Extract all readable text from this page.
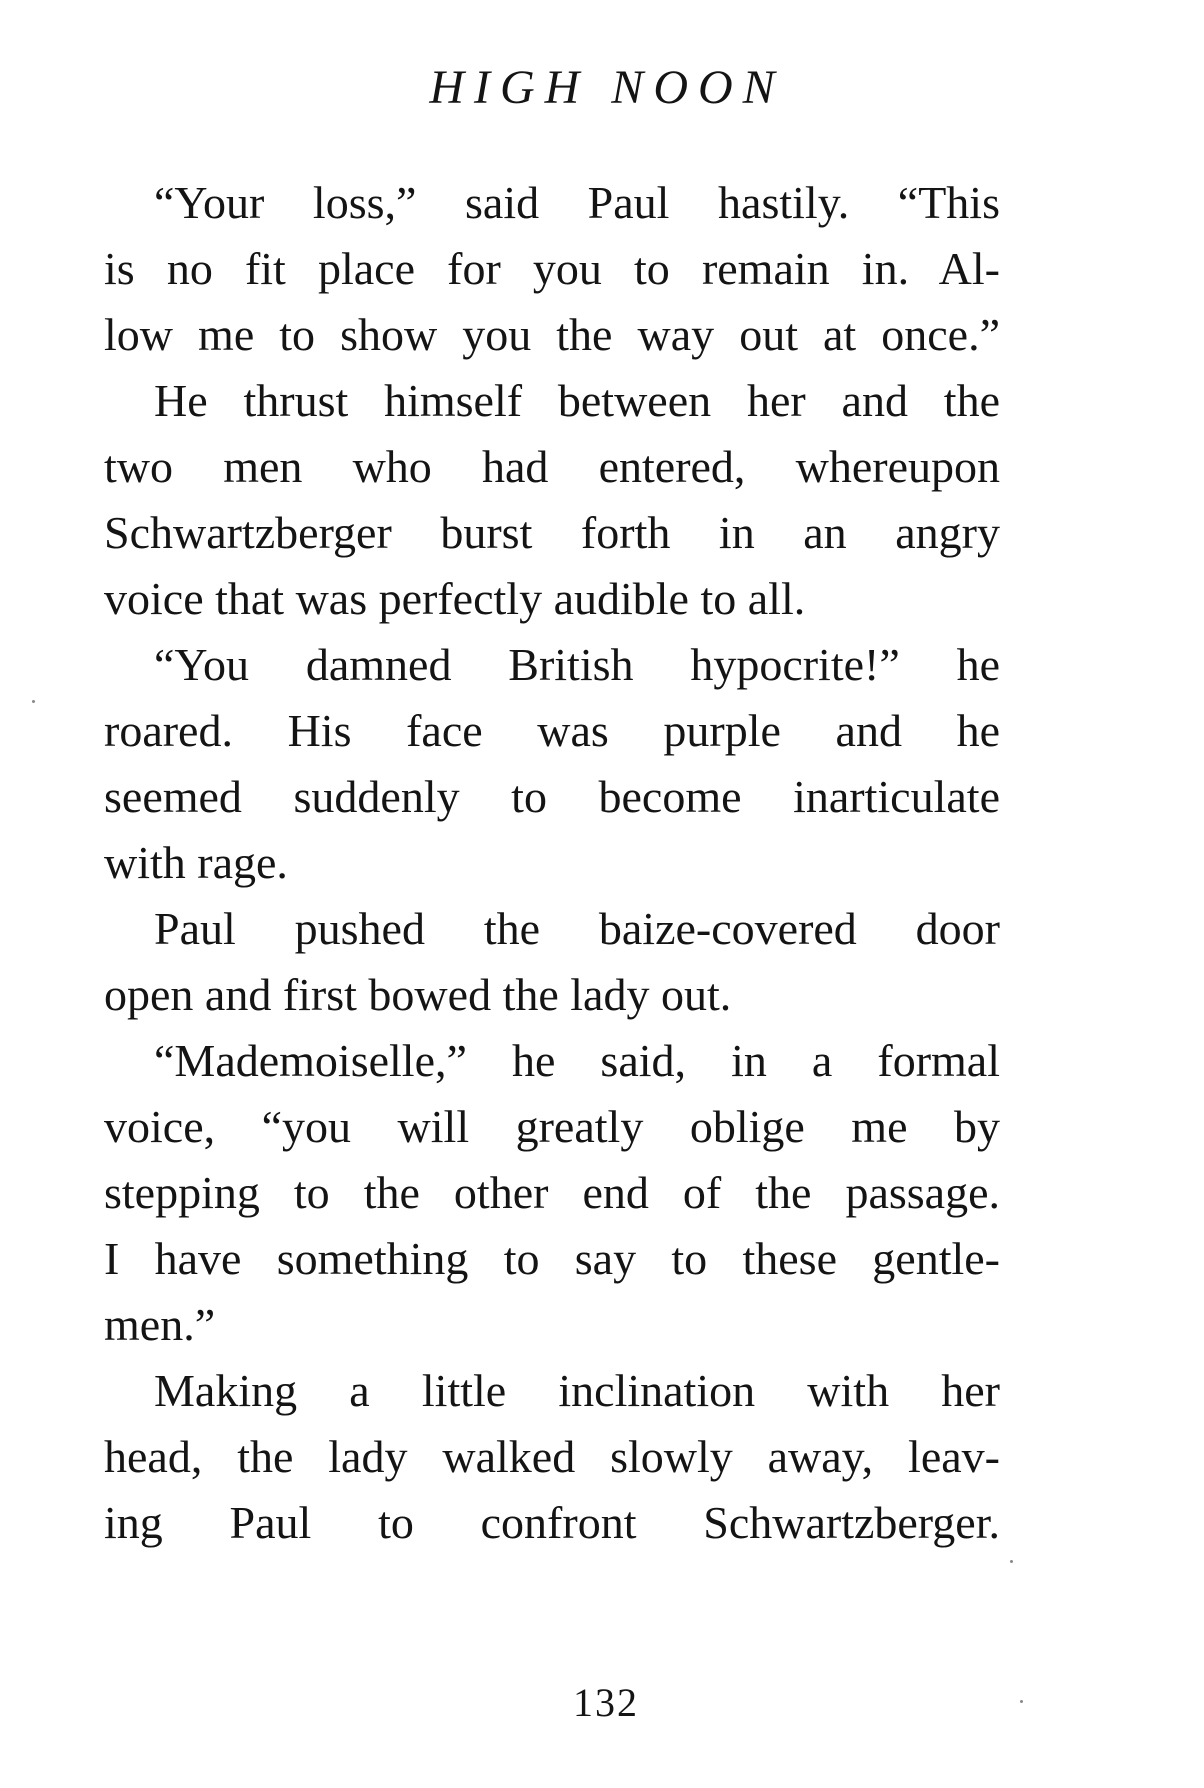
HIGH NOON
“Your loss,” said Paul hastily. “This
is no fit place for you to remain in. Al-
low me to show you the way out at once.”
He thrust himself between her and the
two men who had entered, whereupon
Schwartzberger burst forth in an angry
voice that was perfectly audible to all.
“You damned British hypocrite!” he
roared. His face was purple and he
seemed suddenly to become inarticulate
with rage.
Paul pushed the baize-covered door
open and first bowed the lady out.
“Mademoiselle,” he said, in a formal
voice, “you will greatly oblige me by
stepping to the other end of the passage.
I have something to say to these gentle-
men.”
Making a little inclination with her
head, the lady walked slowly away, leav-
ing Paul to confront Schwartzberger.
132
